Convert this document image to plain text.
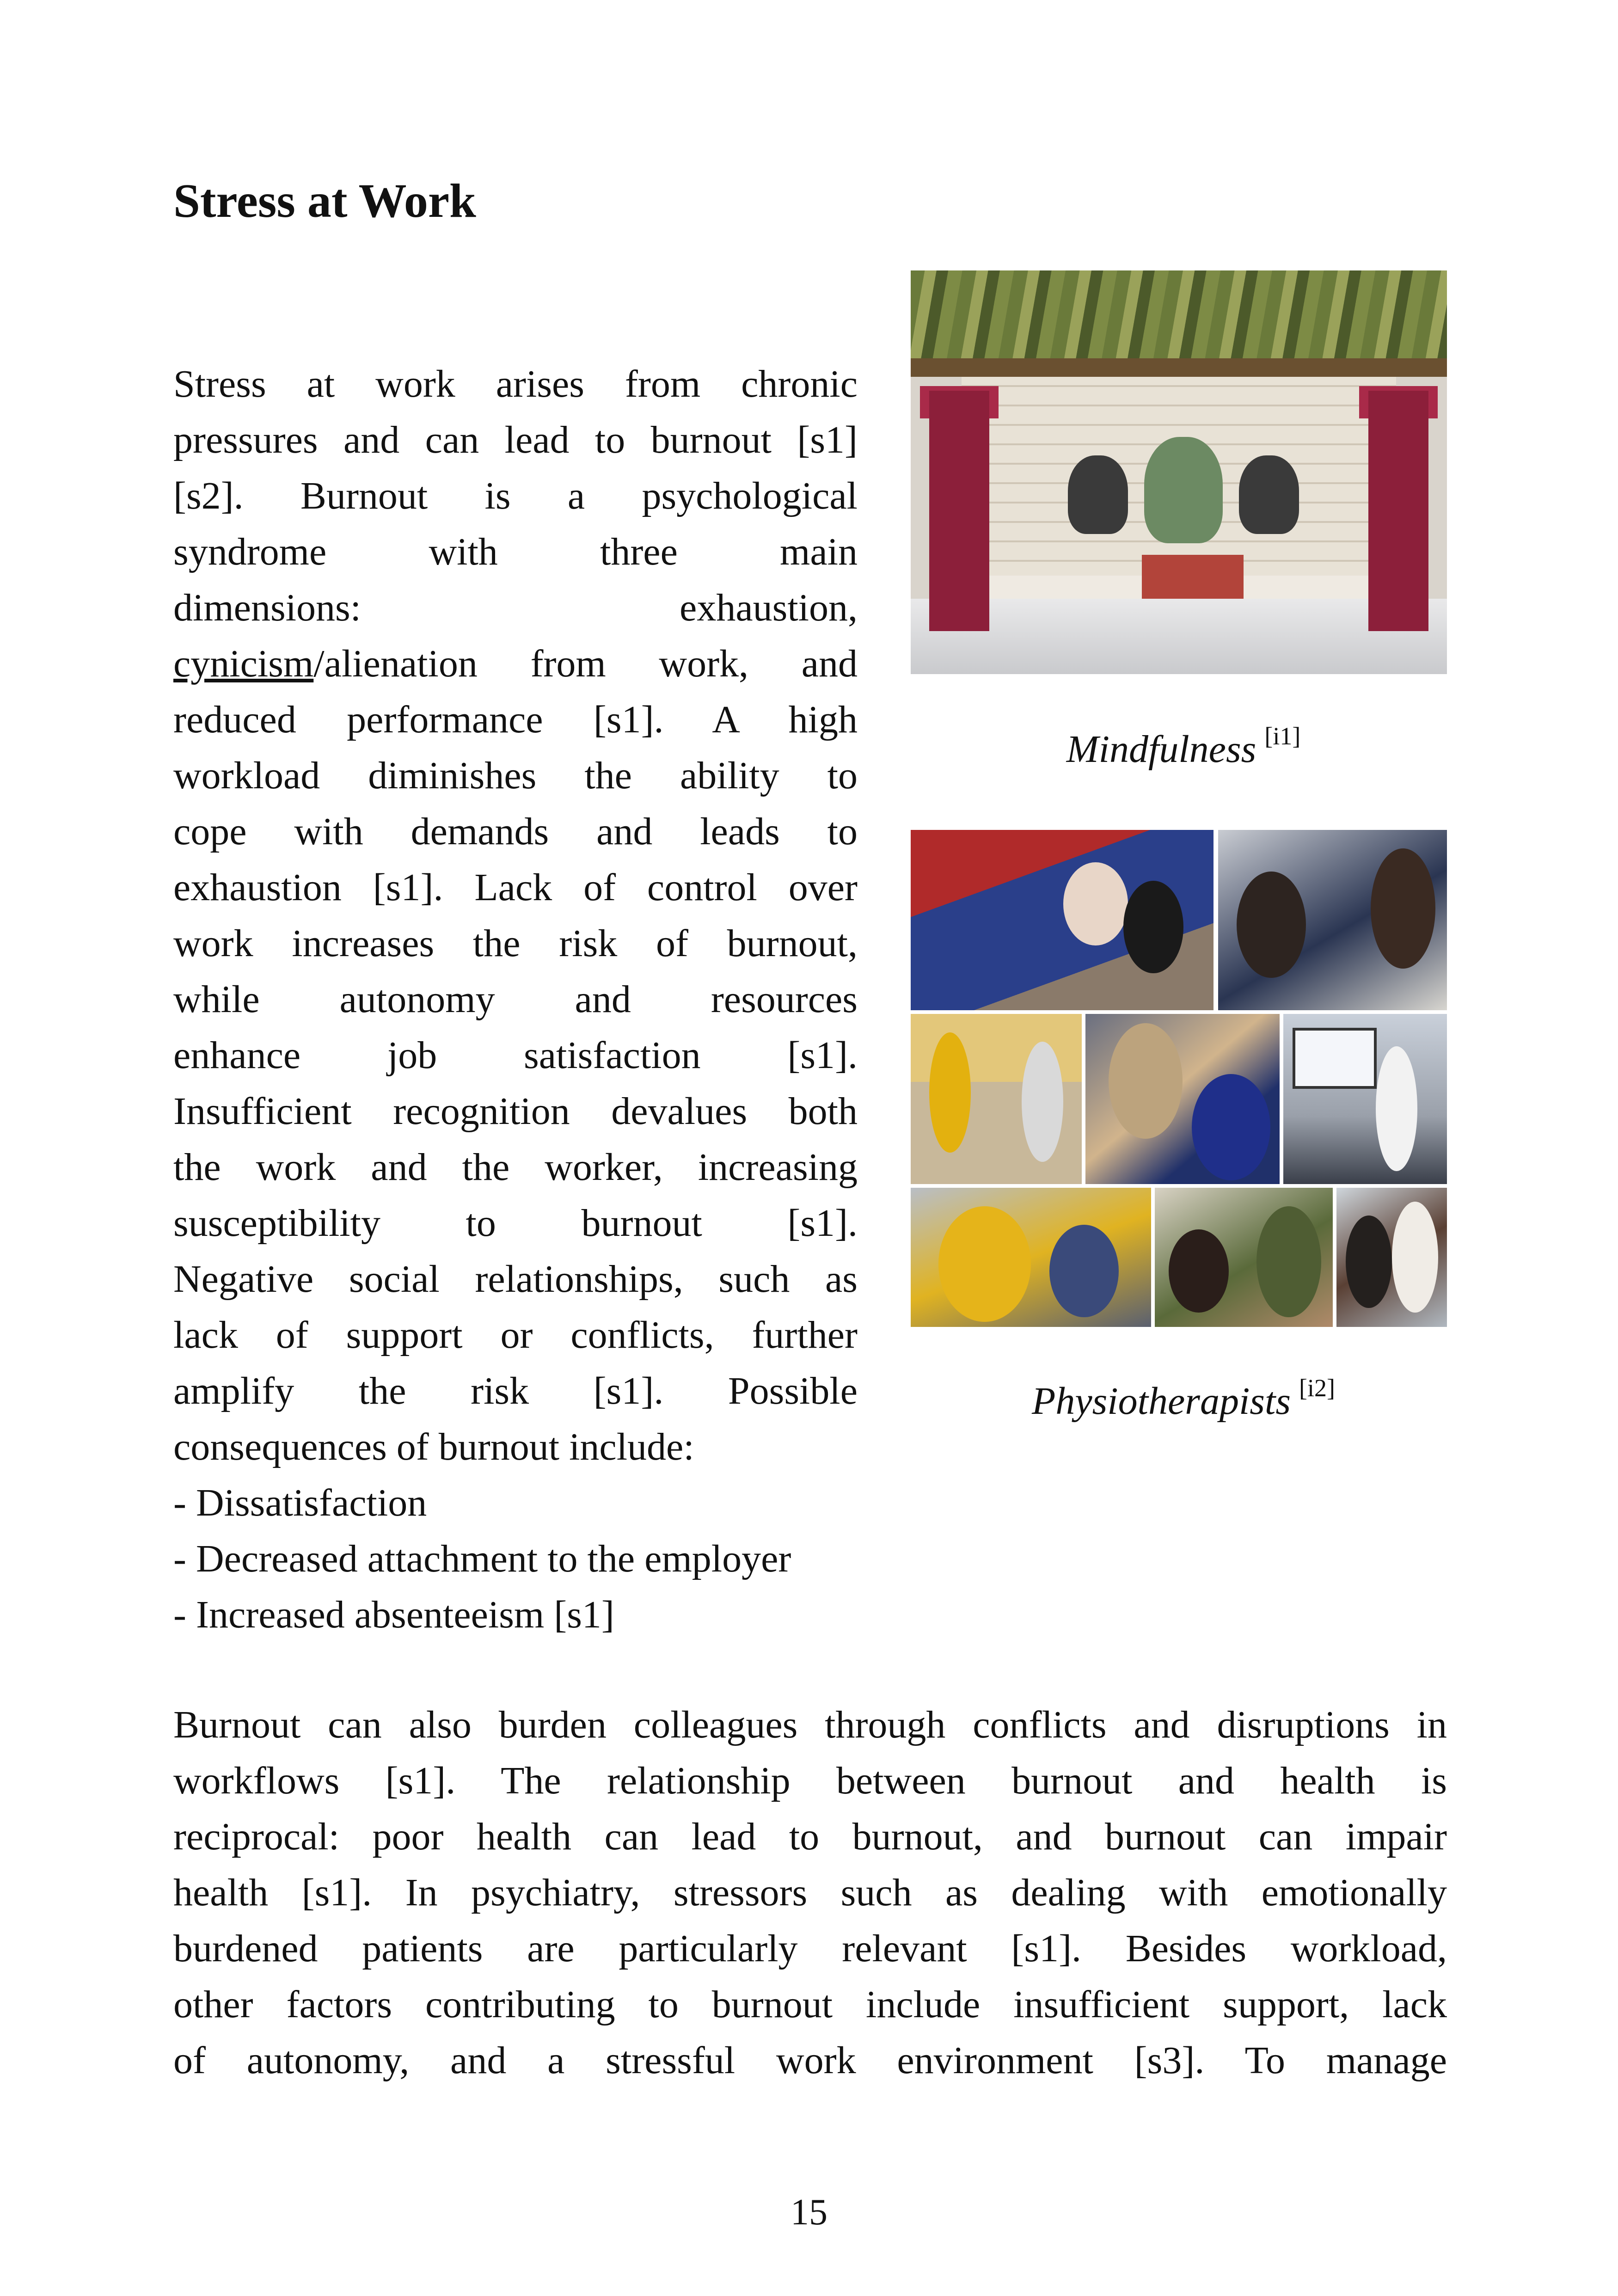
Stress at Work
Stress at work arises from chronic
pressures and can lead to burnout [s1]
[s2]. Burnout is a psychological
syndrome with three main
dimensions: exhaustion,
cynicism/alienation from work, and
reduced performance [s1]. A high
workload diminishes the ability to
cope with demands and leads to
exhaustion [s1]. Lack of control over
work increases the risk of burnout,
while autonomy and resources
enhance job satisfaction [s1].
Insufficient recognition devalues both
the work and the worker, increasing
susceptibility to burnout [s1].
Negative social relationships, such as
lack of support or conflicts, further
amplify the risk [s1]. Possible
consequences of burnout include:
- Dissatisfaction
- Decreased attachment to the employer
- Increased absenteeism [s1]
Mindfulness [i1]
Physiotherapists [i2]
Burnout can also burden colleagues through conflicts and disruptions in
workflows [s1]. The relationship between burnout and health is
reciprocal: poor health can lead to burnout, and burnout can impair
health [s1]. In psychiatry, stressors such as dealing with emotionally
burdened patients are particularly relevant [s1]. Besides workload,
other factors contributing to burnout include insufficient support, lack
of autonomy, and a stressful work environment [s3]. To manage
15
